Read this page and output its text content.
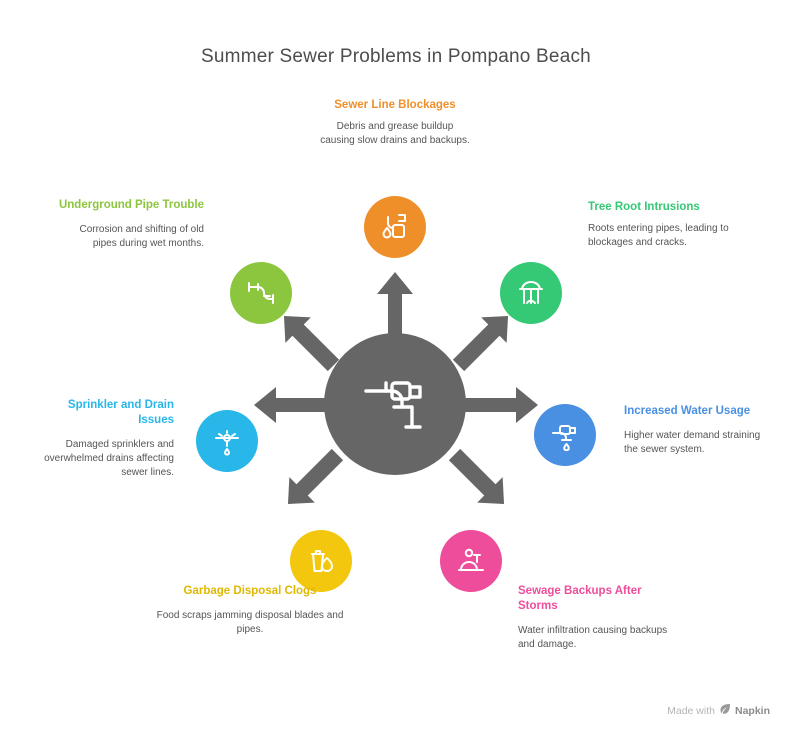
Summer Sewer Problems in Pompano Beach
Sewer Line Blockages
Debris and grease buildup causing slow drains and backups.
Tree Root Intrusions
Roots entering pipes, leading to blockages and cracks.
Increased Water Usage
Higher water demand straining the sewer system.
Sewage Backups After Storms
Water infiltration causing backups and damage.
Garbage Disposal Clogs
Food scraps jamming disposal blades and pipes.
Sprinkler and Drain Issues
Damaged sprinklers and overwhelmed drains affecting sewer lines.
Underground Pipe Trouble
Corrosion and shifting of old pipes during wet months.
Made with Napkin
